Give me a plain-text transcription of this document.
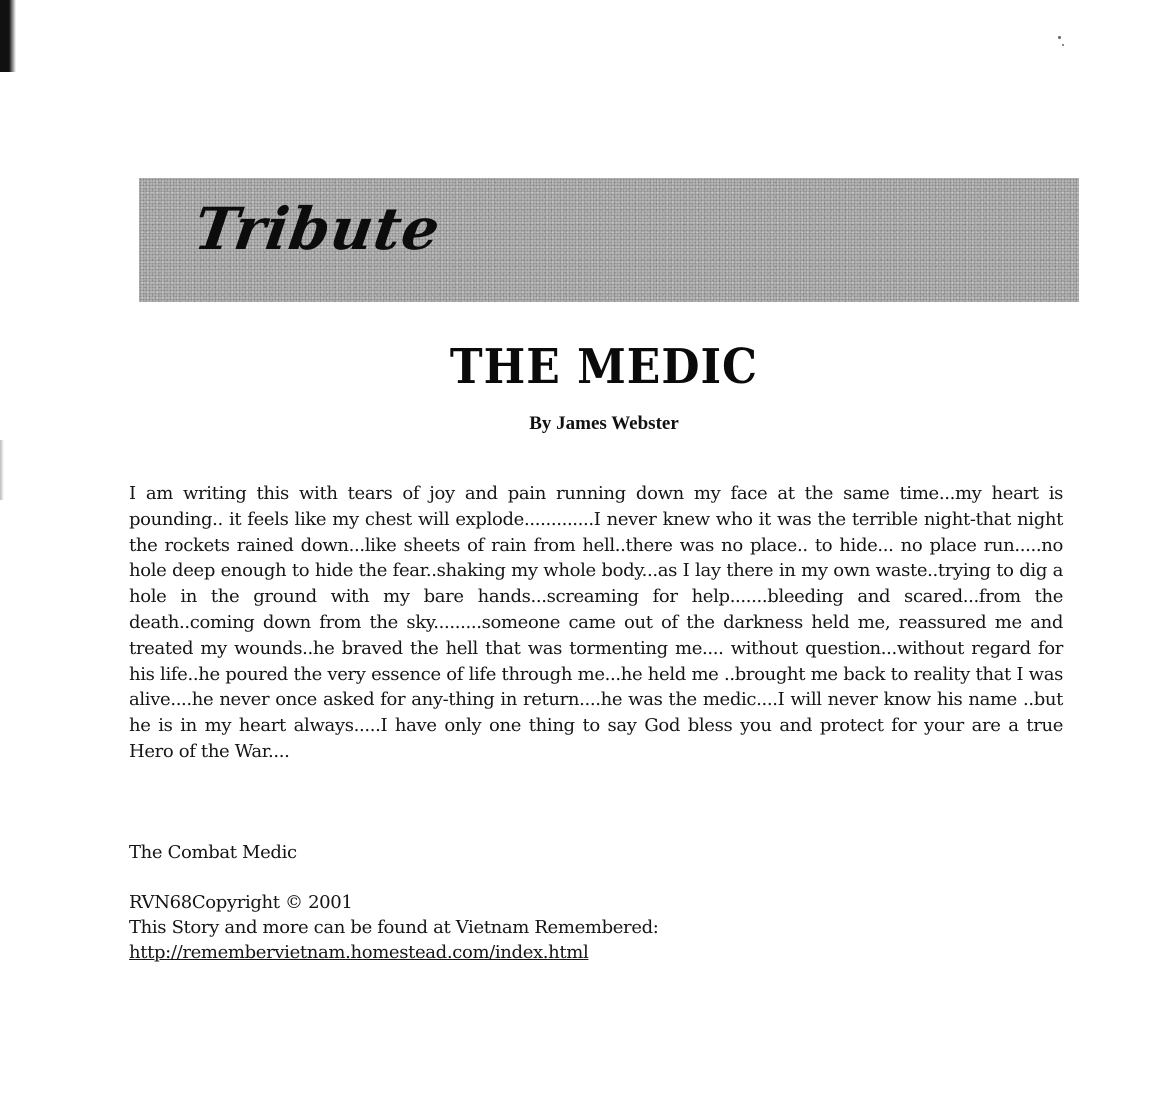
Tribute
THE MEDIC
By James Webster

I am writing this with tears of joy and pain running down my face at the same time...my heart is pounding.. it feels like my chest will explode.............I never knew who it was the terrible night-that night the rockets rained down...like sheets of rain from hell..there was no place.. to hide... no place run.....no hole deep enough to hide the fear..shaking my whole body...as I lay there in my own waste..trying to dig a hole in the ground with my bare hands...screaming for help.......bleeding and scared...from the death..coming down from the sky.........someone came out of the darkness held me, reassured me and treated my wounds..he braved the hell that was tormenting me.... without question...without regard for his life..he poured the very essence of life through me...he held me ..brought me back to reality that I was alive....he never once asked for any-thing in return....he was the medic....I will never know his name ..but he is in my heart always.....I have only one thing to say God bless you and protect for your are a true Hero of the War....

The Combat Medic
RVN68Copyright © 2001
This Story and more can be found at Vietnam Remembered:
http://remembervietnam.homestead.com/index.html
